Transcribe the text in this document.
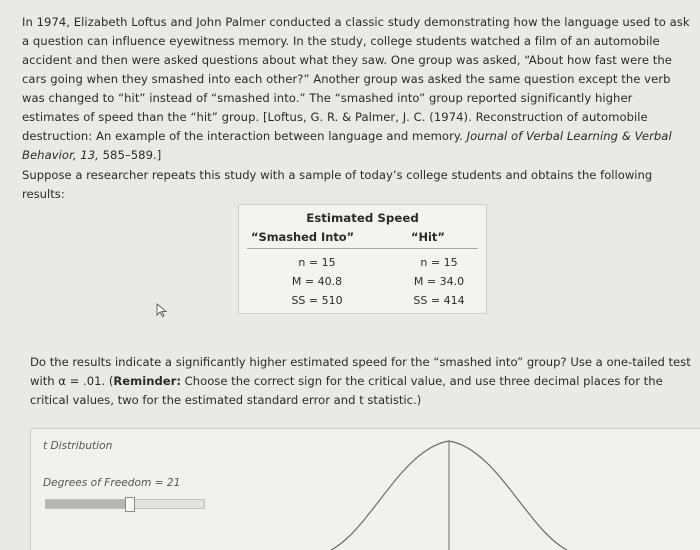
In 1974, Elizabeth Loftus and John Palmer conducted a classic study demonstrating how the language used to ask a question can influence eyewitness memory. In the study, college students watched a film of an automobile accident and then were asked questions about what they saw. One group was asked, “About how fast were the cars going when they smashed into each other?” Another group was asked the same question except the verb was changed to “hit” instead of “smashed into.” The “smashed into” group reported significantly higher estimates of speed than the “hit” group. [Loftus, G. R. & Palmer, J. C. (1974). Reconstruction of automobile destruction: An example of the interaction between language and memory. Journal of Verbal Learning & Verbal Behavior, 13, 585–589.]
Suppose a researcher repeats this study with a sample of today’s college students and obtains the following results:
Estimated Speed
“Smashed Into”	“Hit”
n = 15	n = 15
M = 40.8	M = 34.0
SS = 510	SS = 414
Do the results indicate a significantly higher estimated speed for the “smashed into” group? Use a one-tailed test with α = .01. (Reminder: Choose the correct sign for the critical value, and use three decimal places for the critical values, two for the estimated standard error and t statistic.)
t Distribution
Degrees of Freedom = 21
